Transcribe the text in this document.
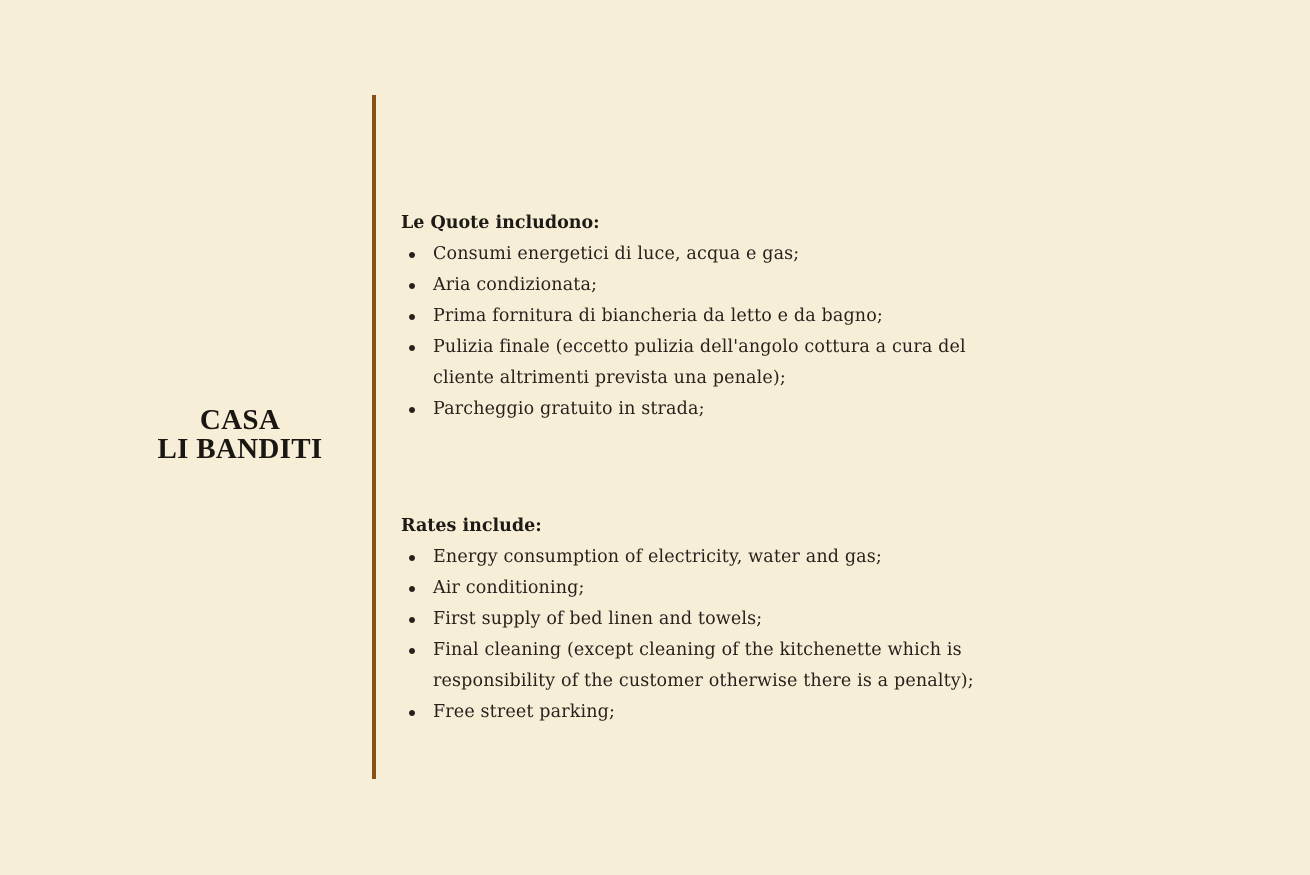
CASA
LI BANDITI
Le Quote includono:
Consumi energetici di luce, acqua e gas;
Aria condizionata;
Prima fornitura di biancheria da letto e da bagno;
Pulizia finale (eccetto pulizia dell'angolo cottura a cura del
cliente altrimenti prevista una penale);
Parcheggio gratuito in strada;
Rates include:
Energy consumption of electricity, water and gas;
Air conditioning;
First supply of bed linen and towels;
Final cleaning (except cleaning of the kitchenette which is
responsibility of the customer otherwise there is a penalty);
Free street parking;
